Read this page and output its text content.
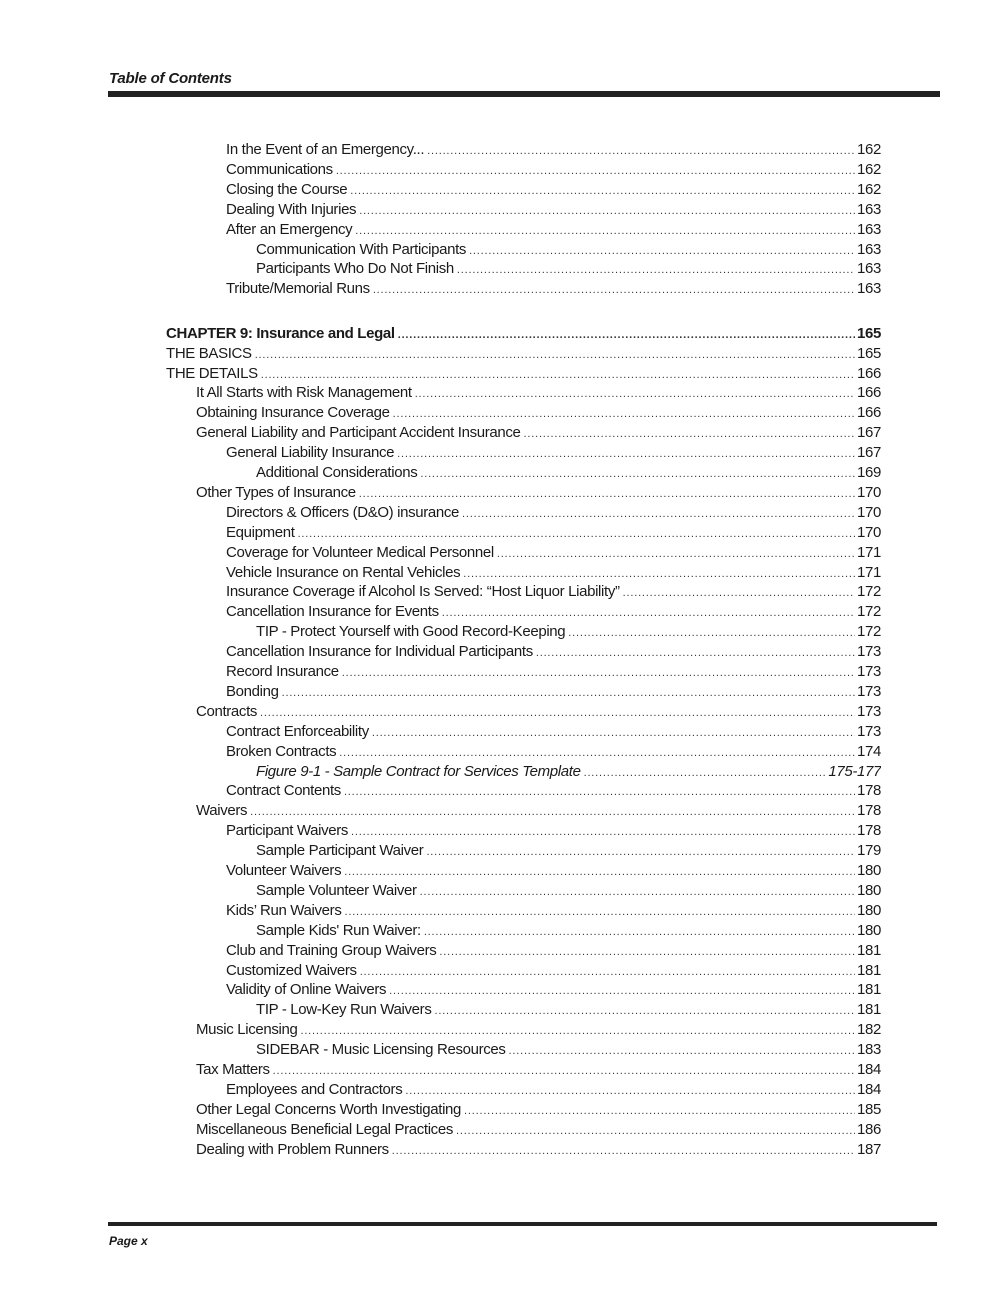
Table of Contents
In the Event of an Emergency... .....	162
Communications .....	162
Closing the Course .....	162
Dealing With Injuries .....	163
After an Emergency .....	163
Communication With Participants .....	163
Participants Who Do Not Finish .....	163
Tribute/Memorial Runs .....	163
CHAPTER 9: Insurance and Legal .....	165
THE BASICS .....	165
THE DETAILS .....	166
It All Starts with Risk Management .....	166
Obtaining Insurance Coverage .....	166
General Liability and Participant Accident Insurance .....	167
General Liability Insurance .....	167
Additional Considerations .....	169
Other Types of Insurance .....	170
Directors & Officers (D&O) insurance .....	170
Equipment .....	170
Coverage for Volunteer Medical Personnel .....	171
Vehicle Insurance on Rental Vehicles .....	171
Insurance Coverage if Alcohol Is Served: “Host Liquor Liability” .....	172
Cancellation Insurance for Events .....	172
TIP - Protect Yourself with Good Record-Keeping .....	172
Cancellation Insurance for Individual Participants .....	173
Record Insurance .....	173
Bonding .....	173
Contracts .....	173
Contract Enforceability .....	173
Broken Contracts .....	174
Figure 9-1 - Sample Contract for Services Template .....	175-177
Contract Contents .....	178
Waivers .....	178
Participant Waivers .....	178
Sample Participant Waiver .....	179
Volunteer Waivers .....	180
Sample Volunteer Waiver .....	180
Kids’ Run Waivers .....	180
Sample Kids' Run Waiver: .....	180
Club and Training Group Waivers .....	181
Customized Waivers .....	181
Validity of Online Waivers .....	181
TIP - Low-Key Run Waivers .....	181
Music Licensing .....	182
SIDEBAR - Music Licensing Resources .....	183
Tax Matters .....	184
Employees and Contractors .....	184
Other Legal Concerns Worth Investigating .....	185
Miscellaneous Beneficial Legal Practices .....	186
Dealing with Problem Runners .....	187
Page x
